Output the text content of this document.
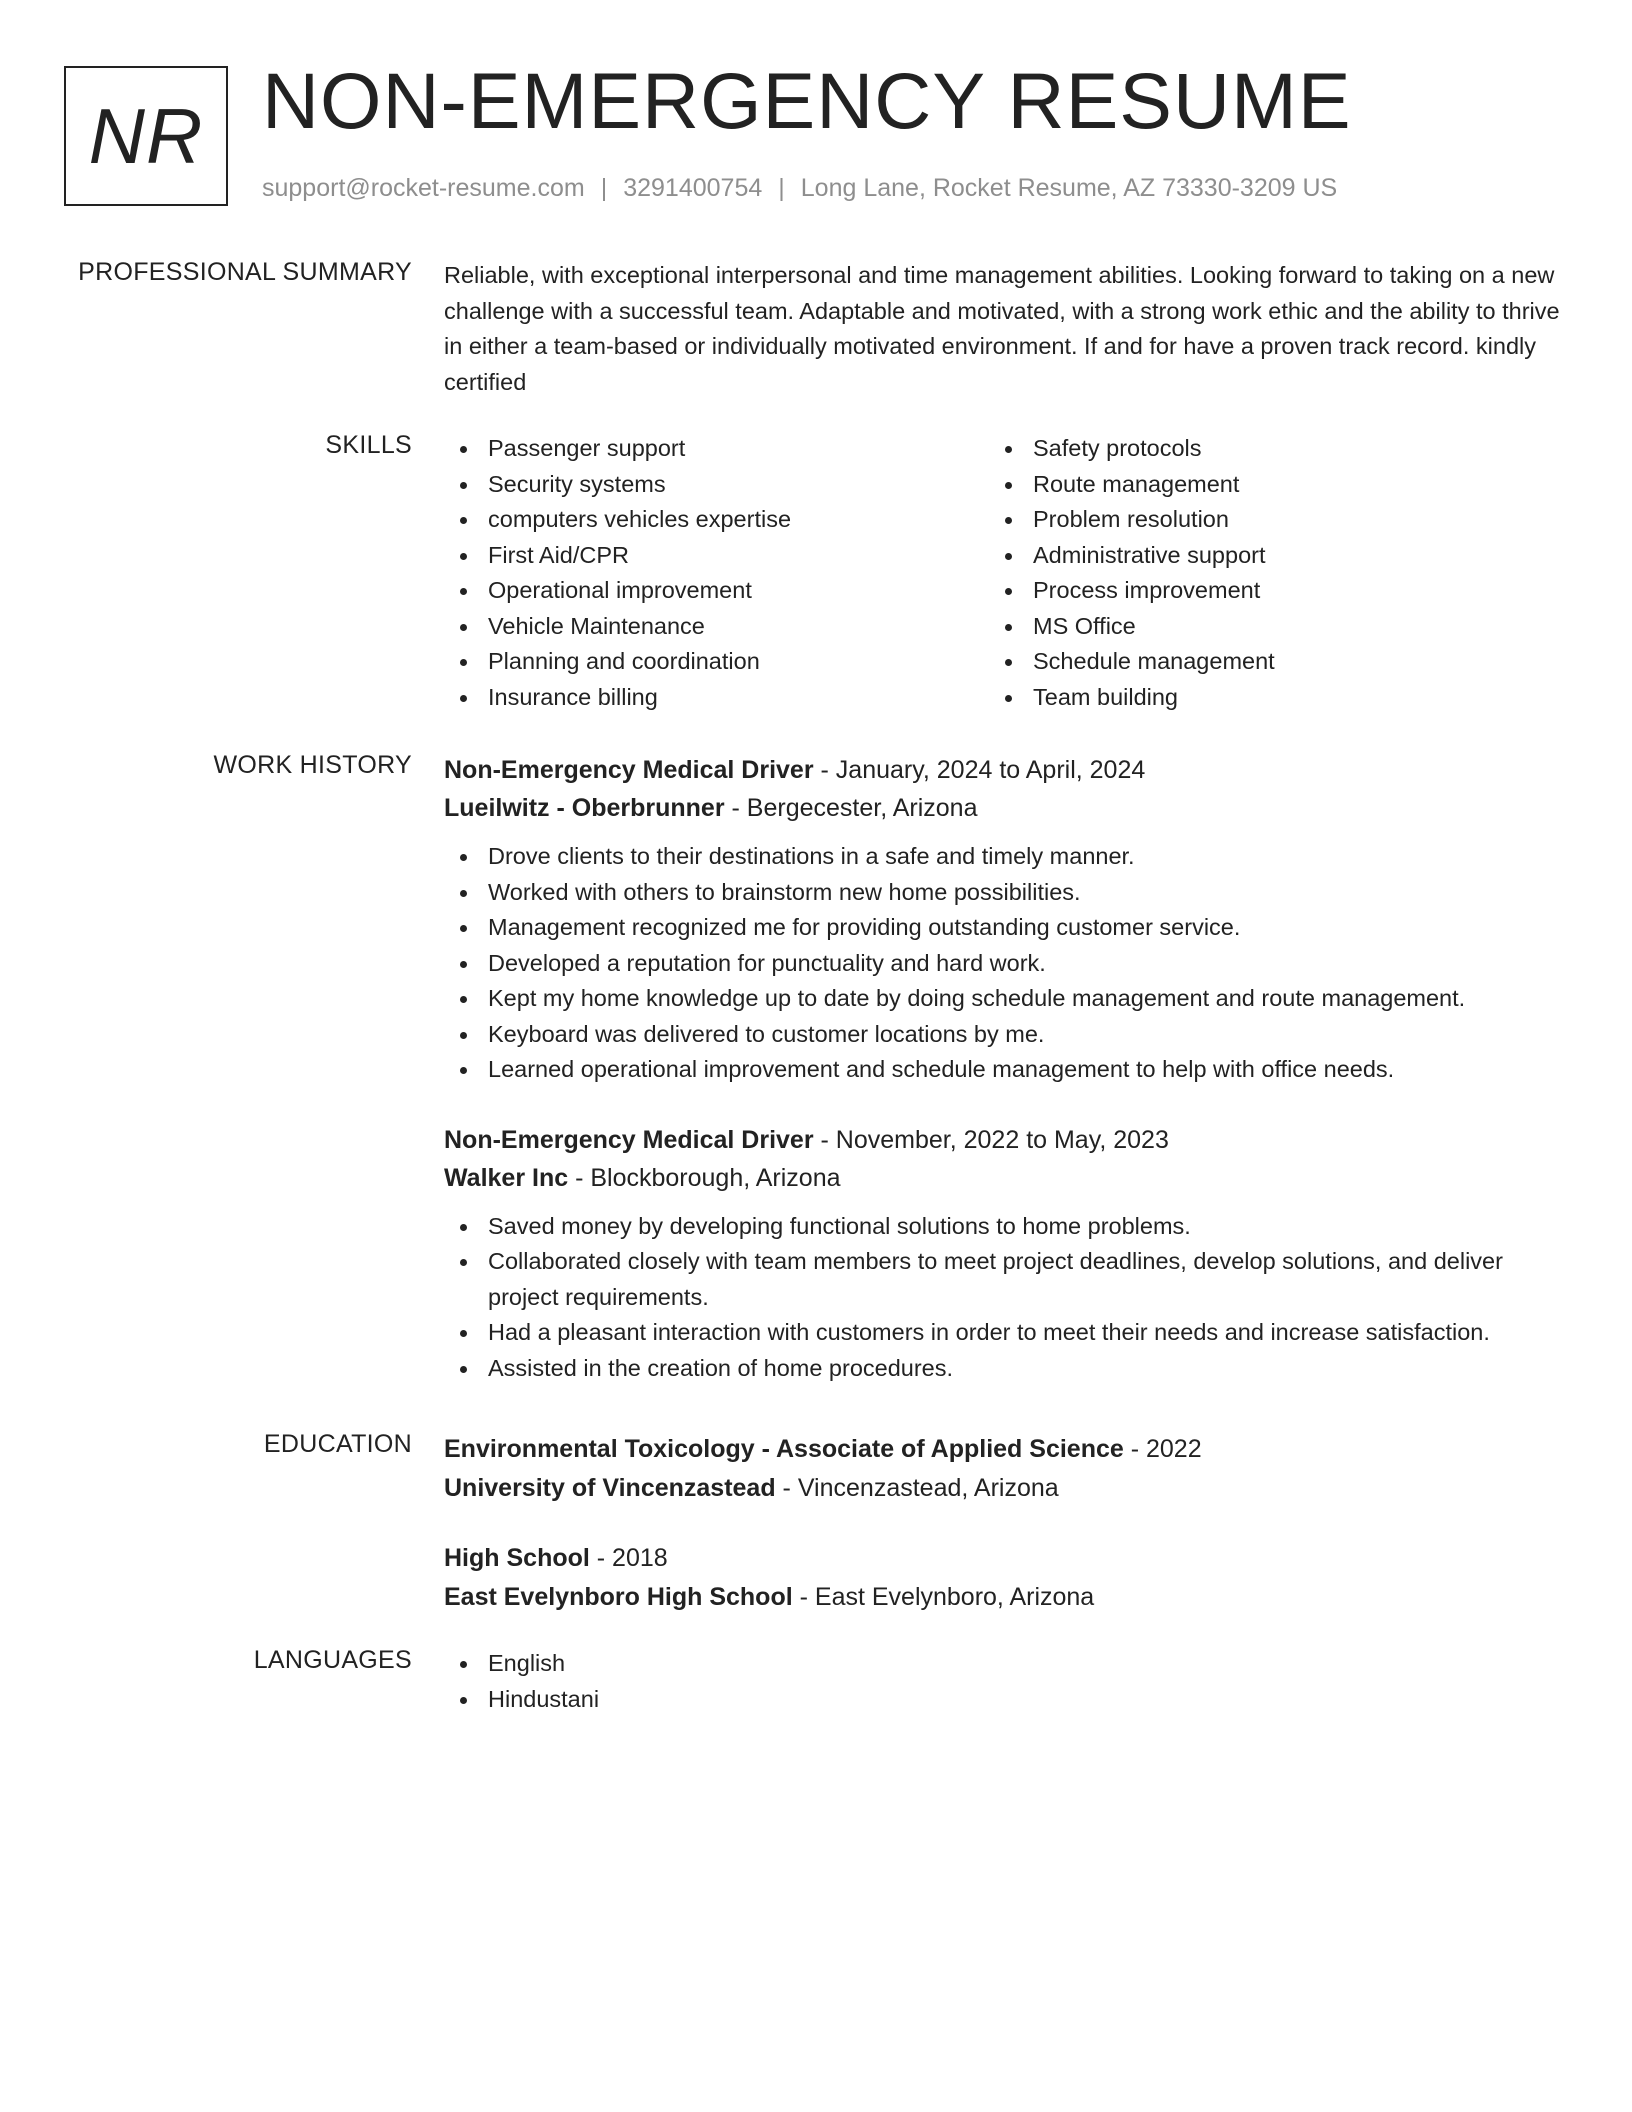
NR NON-EMERGENCY RESUME
support@rocket-resume.com | 3291400754 | Long Lane, Rocket Resume, AZ 73330-3209 US
PROFESSIONAL SUMMARY Reliable, with exceptional interpersonal and time management abilities. Looking forward to taking on a new challenge with a successful team. Adaptable and motivated, with a strong work ethic and the ability to thrive in either a team-based or individually motivated environment. If and for have a proven track record. kindly certified
SKILLS	Passenger support
Security systems
computers vehicles expertise
First Aid/CPR
Operational improvement
Vehicle Maintenance
Planning and coordination
Insurance billing
Safety protocols
Route management
Problem resolution
Administrative support
Process improvement
MS Office
Schedule management
Team building
WORK HISTORY Non-Emergency Medical Driver - January, 2024 to April, 2024
Lueilwitz - Oberbrunner - Bergecester, Arizona
Drove clients to their destinations in a safe and timely manner.
Worked with others to brainstorm new home possibilities.
Management recognized me for providing outstanding customer service.
Developed a reputation for punctuality and hard work.
Kept my home knowledge up to date by doing schedule management and route management.
Keyboard was delivered to customer locations by me.
Learned operational improvement and schedule management to help with office needs.
Non-Emergency Medical Driver - November, 2022 to May, 2023
Walker Inc - Blockborough, Arizona
Saved money by developing functional solutions to home problems.
Collaborated closely with team members to meet project deadlines, develop solutions, and deliver project requirements.
Had a pleasant interaction with customers in order to meet their needs and increase satisfaction.
Assisted in the creation of home procedures.
EDUCATION Environmental Toxicology - Associate of Applied Science - 2022
University of Vincenzastead - Vincenzastead, Arizona
High School - 2018
East Evelynboro High School - East Evelynboro, Arizona
LANGUAGES	English
Hindustani
